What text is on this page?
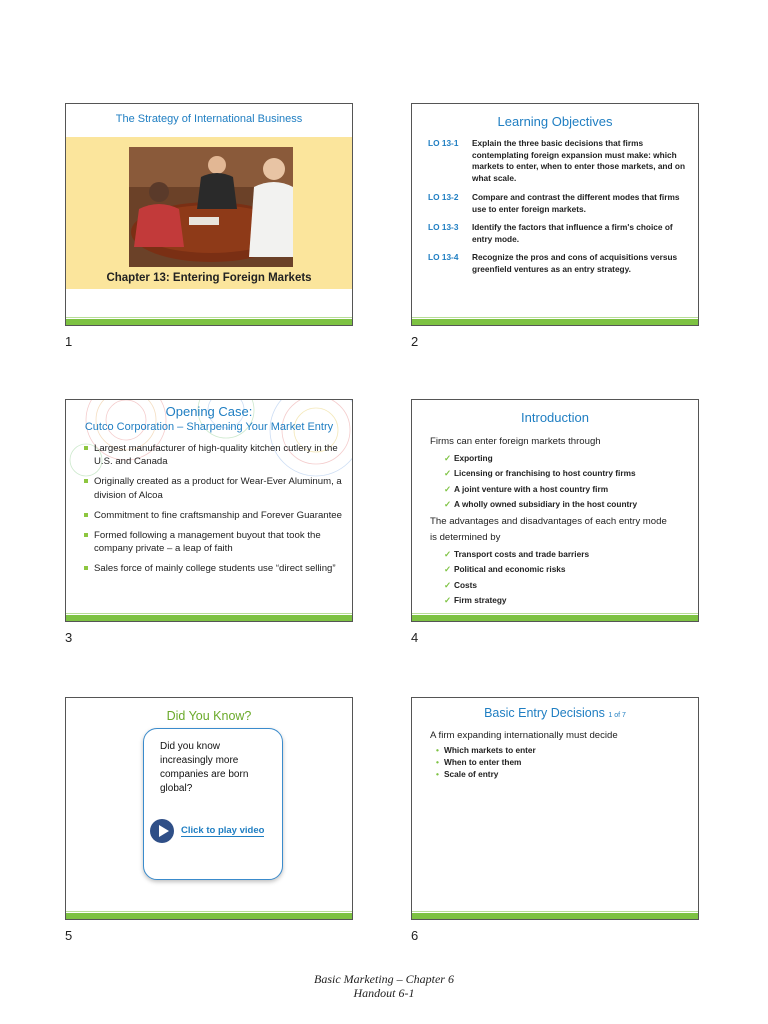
The Strategy of International Business
Chapter 13: Entering Foreign Markets
1
Learning Objectives
LO 13-1 Explain the three basic decisions that firms contemplating foreign expansion must make: which markets to enter, when to enter those markets, and on what scale.
LO 13-2 Compare and contrast the different modes that firms use to enter foreign markets.
LO 13-3 Identify the factors that influence a firm's choice of entry mode.
LO 13-4 Recognize the pros and cons of acquisitions versus greenfield ventures as an entry strategy.
2
Opening Case:
Cutco Corporation – Sharpening Your Market Entry
Largest manufacturer of high-quality kitchen cutlery in the U.S. and Canada
Originally created as a product for Wear-Ever Aluminum, a division of Alcoa
Commitment to fine craftsmanship and Forever Guarantee
Formed following a management buyout that took the company private – a leap of faith
Sales force of mainly college students use “direct selling”
3
Introduction
Firms can enter foreign markets through
✓ Exporting
✓ Licensing or franchising to host country firms
✓ A joint venture with a host country firm
✓ A wholly owned subsidiary in the host country
The advantages and disadvantages of each entry mode
is determined by
✓ Transport costs and trade barriers
✓ Political and economic risks
✓ Costs
✓ Firm strategy
4
Did You Know?
Did you know increasingly more companies are born global?
Click to play video
5
Basic Entry Decisions 1 of 7
A firm expanding internationally must decide
• Which markets to enter
• When to enter them
• Scale of entry
6
Basic Marketing – Chapter 6
Handout 6-1
